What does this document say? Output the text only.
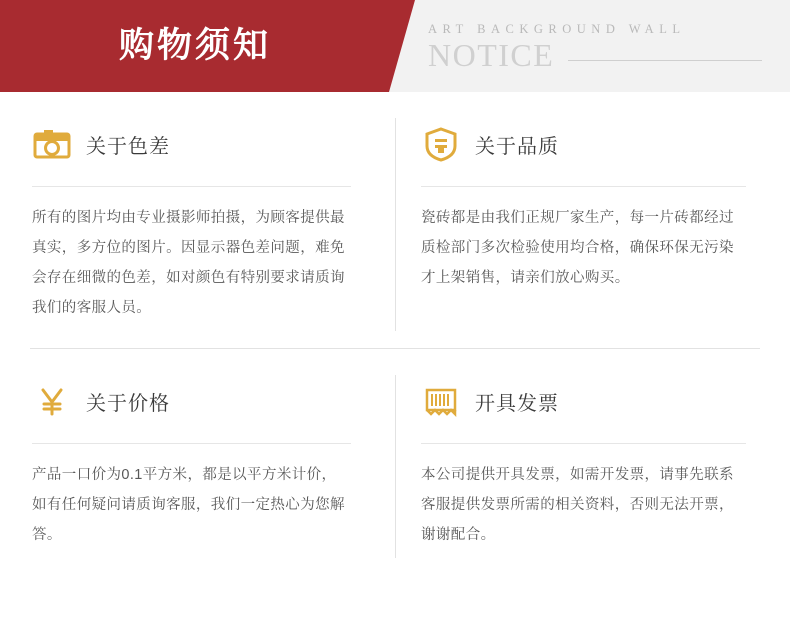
购物须知	ART BACKGROUND WALL
NOTICE
关于色差
所有的图片均由专业摄影师拍摄，为顾客提供最真实，多方位的图片。因显示器色差问题，难免会存在细微的色差，如对颜色有特别要求请质询我们的客服人员。
关于品质
瓷砖都是由我们正规厂家生产，每一片砖都经过质检部门多次检验使用均合格，确保环保无污染才上架销售，请亲们放心购买。
关于价格
产品一口价为0.1平方米，都是以平方米计价，如有任何疑问请质询客服，我们一定热心为您解答。
开具发票
本公司提供开具发票，如需开发票，请事先联系客服提供发票所需的相关资料，否则无法开票，谢谢配合。
